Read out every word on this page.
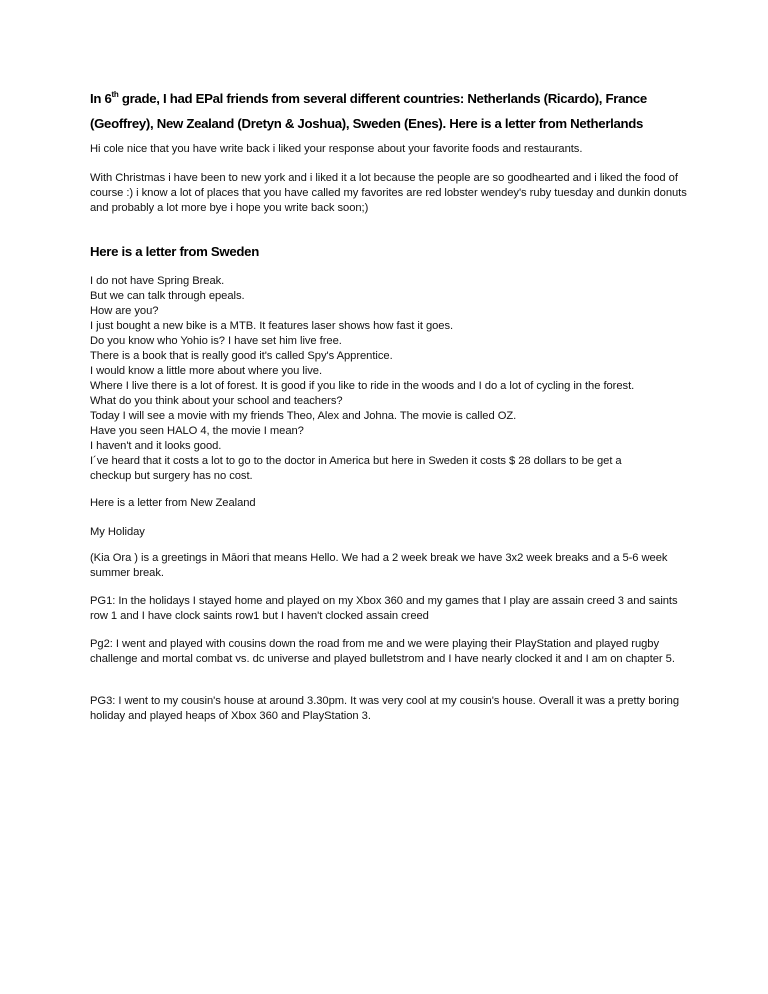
In 6th grade, I had EPal friends from several different countries: Netherlands (Ricardo), France (Geoffrey), New Zealand (Dretyn & Joshua), Sweden (Enes). Here is a letter from Netherlands

Hi cole nice that you have write back i liked your response about your favorite foods and restaurants.

With Christmas i have been to new york and i liked it a lot because the people are so goodhearted and i liked the food of course :) i know a lot of places that you have called my favorites are red lobster wendey's ruby tuesday and dunkin donuts and probably a lot more bye i hope you write back soon;)

Here is a letter from Sweden

I do not have Spring Break.
But we can talk through epeals.
How are you?
I just bought a new bike is a MTB. It features laser shows how fast it goes.
Do you know who Yohio is? I have set him live free.
There is a book that is really good it's called Spy's Apprentice.
I would know a little more about where you live.
Where I live there is a lot of forest. It is good if you like to ride in the woods and I do a lot of cycling in the forest.
What do you think about your school and teachers?
Today I will see a movie with my friends Theo, Alex and Johna. The movie is called OZ.
Have you seen HALO 4, the movie I mean?
I haven't and it looks good.
I´ve heard that it costs a lot to go to the doctor in America but here in Sweden it costs $ 28 dollars to be get a
checkup but surgery has no cost.

Here is a letter from New Zealand

My Holiday

(Kia Ora ) is a greetings in Māori that means Hello. We had a 2 week break we have 3x2 week breaks and a 5-6 week summer break.

PG1: In the holidays I stayed home and played on my Xbox 360 and my games that I play are assain creed 3 and saints row 1 and I have clock saints row1 but I haven't clocked assain creed

Pg2: I went and played with cousins down the road from me and we were playing their PlayStation and played rugby challenge and mortal combat vs. dc universe and played bulletstrom and I have nearly clocked it and I am on chapter 5.

PG3: I went to my cousin's house at around 3.30pm. It was very cool at my cousin's house. Overall it was a pretty boring holiday and played heaps of Xbox 360 and PlayStation 3.
